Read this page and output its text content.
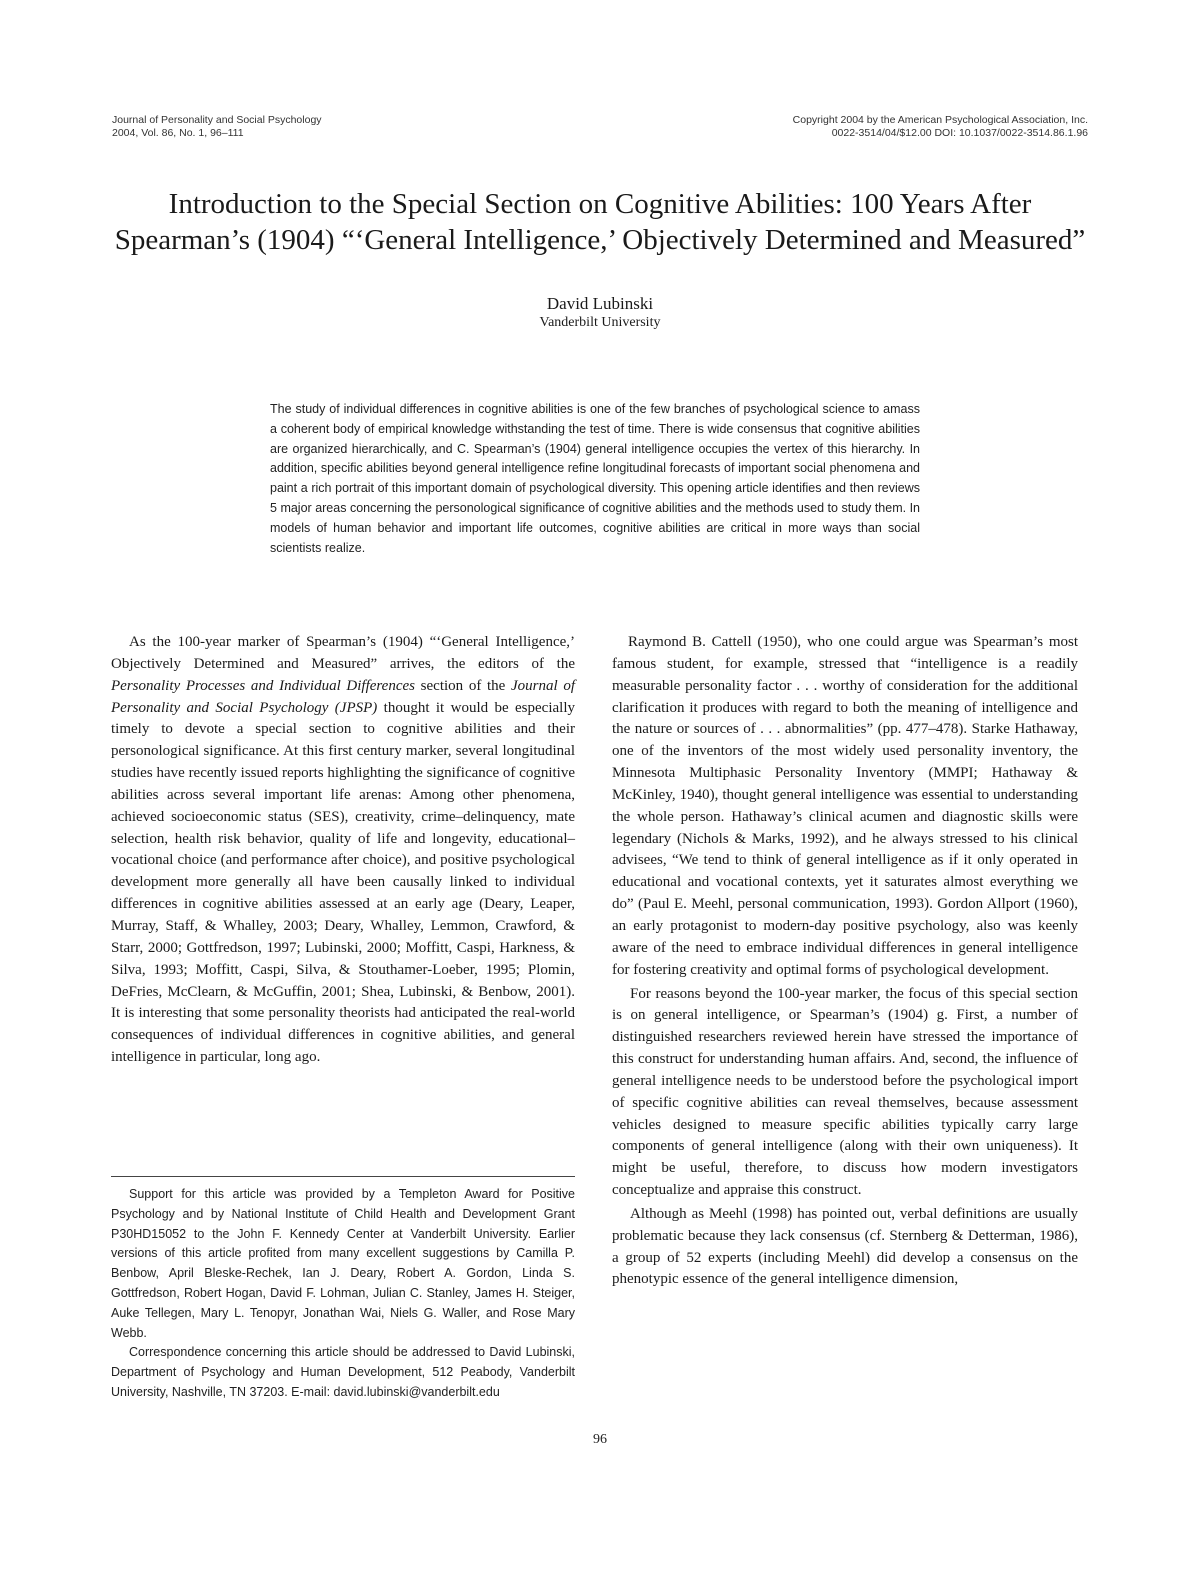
Journal of Personality and Social Psychology
2004, Vol. 86, No. 1, 96–111
Copyright 2004 by the American Psychological Association, Inc.
0022-3514/04/$12.00 DOI: 10.1037/0022-3514.86.1.96
Introduction to the Special Section on Cognitive Abilities: 100 Years After Spearman’s (1904) “‘General Intelligence,’ Objectively Determined and Measured”
David Lubinski
Vanderbilt University
The study of individual differences in cognitive abilities is one of the few branches of psychological science to amass a coherent body of empirical knowledge withstanding the test of time. There is wide consensus that cognitive abilities are organized hierarchically, and C. Spearman’s (1904) general intelligence occupies the vertex of this hierarchy. In addition, specific abilities beyond general intelligence refine longitudinal forecasts of important social phenomena and paint a rich portrait of this important domain of psychological diversity. This opening article identifies and then reviews 5 major areas concerning the personological significance of cognitive abilities and the methods used to study them. In models of human behavior and important life outcomes, cognitive abilities are critical in more ways than social scientists realize.

As the 100-year marker of Spearman’s (1904) “‘General Intelligence,’ Objectively Determined and Measured” arrives, the editors of the Personality Processes and Individual Differences section of the Journal of Personality and Social Psychology (JPSP) thought it would be especially timely to devote a special section to cognitive abilities and their personological significance. At this first century marker, several longitudinal studies have recently issued reports highlighting the significance of cognitive abilities across several important life arenas: Among other phenomena, achieved socioeconomic status (SES), creativity, crime–delinquency, mate selection, health risk behavior, quality of life and longevity, educational–vocational choice (and performance after choice), and positive psychological development more generally all have been causally linked to individual differences in cognitive abilities assessed at an early age (Deary, Leaper, Murray, Staff, & Whalley, 2003; Deary, Whalley, Lemmon, Crawford, & Starr, 2000; Gottfredson, 1997; Lubinski, 2000; Moffitt, Caspi, Harkness, & Silva, 1993; Moffitt, Caspi, Silva, & Stouthamer-Loeber, 1995; Plomin, DeFries, McClearn, & McGuffin, 2001; Shea, Lubinski, & Benbow, 2001). It is interesting that some personality theorists had anticipated the real-world consequences of individual differences in cognitive abilities, and general intelligence in particular, long ago.

Support for this article was provided by a Templeton Award for Positive Psychology and by National Institute of Child Health and Development Grant P30HD15052 to the John F. Kennedy Center at Vanderbilt University. Earlier versions of this article profited from many excellent suggestions by Camilla P. Benbow, April Bleske-Rechek, Ian J. Deary, Robert A. Gordon, Linda S. Gottfredson, Robert Hogan, David F. Lohman, Julian C. Stanley, James H. Steiger, Auke Tellegen, Mary L. Tenopyr, Jonathan Wai, Niels G. Waller, and Rose Mary Webb.

Correspondence concerning this article should be addressed to David Lubinski, Department of Psychology and Human Development, 512 Peabody, Vanderbilt University, Nashville, TN 37203. E-mail: david.lubinski@vanderbilt.edu

Raymond B. Cattell (1950), who one could argue was Spearman’s most famous student, for example, stressed that “intelligence is a readily measurable personality factor . . . worthy of consideration for the additional clarification it produces with regard to both the meaning of intelligence and the nature or sources of . . . abnormalities” (pp. 477–478). Starke Hathaway, one of the inventors of the most widely used personality inventory, the Minnesota Multiphasic Personality Inventory (MMPI; Hathaway & McKinley, 1940), thought general intelligence was essential to understanding the whole person. Hathaway’s clinical acumen and diagnostic skills were legendary (Nichols & Marks, 1992), and he always stressed to his clinical advisees, “We tend to think of general intelligence as if it only operated in educational and vocational contexts, yet it saturates almost everything we do” (Paul E. Meehl, personal communication, 1993). Gordon Allport (1960), an early protagonist to modern-day positive psychology, also was keenly aware of the need to embrace individual differences in general intelligence for fostering creativity and optimal forms of psychological development.

For reasons beyond the 100-year marker, the focus of this special section is on general intelligence, or Spearman’s (1904) g. First, a number of distinguished researchers reviewed herein have stressed the importance of this construct for understanding human affairs. And, second, the influence of general intelligence needs to be understood before the psychological import of specific cognitive abilities can reveal themselves, because assessment vehicles designed to measure specific abilities typically carry large components of general intelligence (along with their own uniqueness). It might be useful, therefore, to discuss how modern investigators conceptualize and appraise this construct.

Although as Meehl (1998) has pointed out, verbal definitions are usually problematic because they lack consensus (cf. Sternberg & Detterman, 1986), a group of 52 experts (including Meehl) did develop a consensus on the phenotypic essence of the general intelligence dimension,

96
